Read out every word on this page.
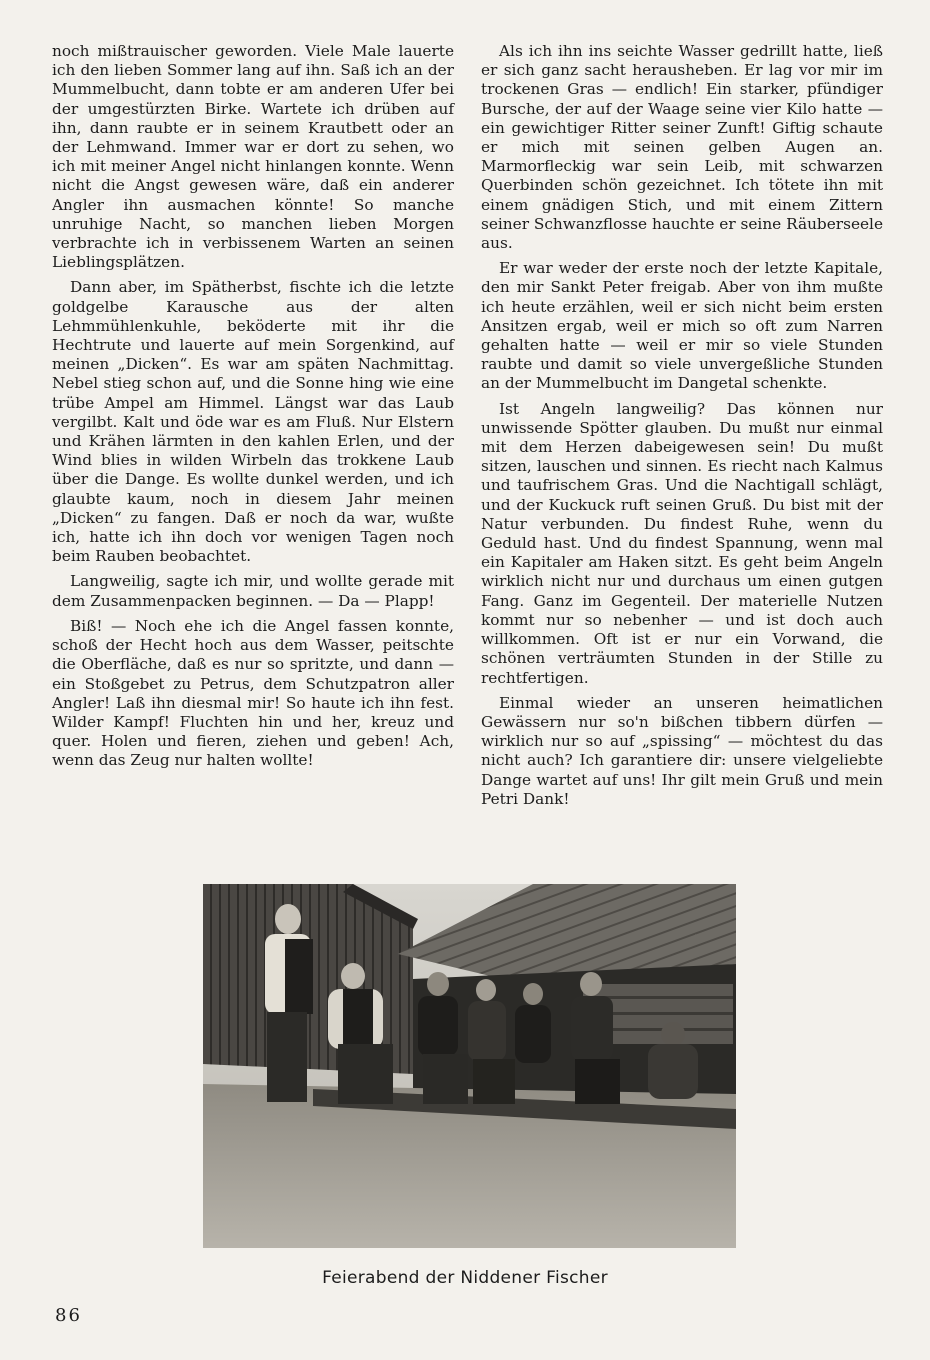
noch mißtrauischer geworden. Viele Male lauerte ich den lieben Sommer lang auf ihn. Saß ich an der Mummelbucht, dann tobte er am anderen Ufer bei der umgestürzten Birke. Wartete ich drüben auf ihn, dann raubte er in seinem Krautbett oder an der Lehmwand. Immer war er dort zu sehen, wo ich mit meiner Angel nicht hinlangen konnte. Wenn nicht die Angst gewesen wäre, daß ein anderer Angler ihn ausmachen könnte! So manche unruhige Nacht, so manchen lieben Morgen verbrachte ich in verbissenem Warten an seinen Lieblingsplätzen.

Dann aber, im Spätherbst, fischte ich die letzte goldgelbe Karausche aus der alten Lehmmühlenkuhle, beköderte mit ihr die Hechtrute und lauerte auf mein Sorgenkind, auf meinen „Dicken“. Es war am späten Nachmittag. Nebel stieg schon auf, und die Sonne hing wie eine trübe Ampel am Himmel. Längst war das Laub vergilbt. Kalt und öde war es am Fluß. Nur Elstern und Krähen lärmten in den kahlen Erlen, und der Wind blies in wilden Wirbeln das trokkene Laub über die Dange. Es wollte dunkel werden, und ich glaubte kaum, noch in diesem Jahr meinen „Dicken“ zu fangen. Daß er noch da war, wußte ich, hatte ich ihn doch vor wenigen Tagen noch beim Rauben beobachtet.

Langweilig, sagte ich mir, und wollte gerade mit dem Zusammenpacken beginnen. — Da — Plapp!

Biß! — Noch ehe ich die Angel fassen konnte, schoß der Hecht hoch aus dem Wasser, peitschte die Oberfläche, daß es nur so spritzte, und dann — ein Stoßgebet zu Petrus, dem Schutzpatron aller Angler! Laß ihn diesmal mir! So haute ich ihn fest. Wilder Kampf! Fluchten hin und her, kreuz und quer. Holen und fieren, ziehen und geben! Ach, wenn das Zeug nur halten wollte!

Als ich ihn ins seichte Wasser gedrillt hatte, ließ er sich ganz sacht herausheben. Er lag vor mir im trockenen Gras — endlich! Ein starker, pfündiger Bursche, der auf der Waage seine vier Kilo hatte — ein gewichtiger Ritter seiner Zunft! Giftig schaute er mich mit seinen gelben Augen an. Marmorfleckig war sein Leib, mit schwarzen Querbinden schön gezeichnet. Ich tötete ihn mit einem gnädigen Stich, und mit einem Zittern seiner Schwanzflosse hauchte er seine Räuberseele aus.

Er war weder der erste noch der letzte Kapitale, den mir Sankt Peter freigab. Aber von ihm mußte ich heute erzählen, weil er sich nicht beim ersten Ansitzen ergab, weil er mich so oft zum Narren gehalten hatte — weil er mir so viele Stunden raubte und damit so viele unvergeßliche Stunden an der Mummelbucht im Dangetal schenkte.

Ist Angeln langweilig? Das können nur unwissende Spötter glauben. Du mußt nur einmal mit dem Herzen dabeigewesen sein! Du mußt sitzen, lauschen und sinnen. Es riecht nach Kalmus und taufrischem Gras. Und die Nachtigall schlägt, und der Kuckuck ruft seinen Gruß. Du bist mit der Natur verbunden. Du findest Ruhe, wenn du Geduld hast. Und du findest Spannung, wenn mal ein Kapitaler am Haken sitzt. Es geht beim Angeln wirklich nicht nur und durchaus um einen gutgen Fang. Ganz im Gegenteil. Der materielle Nutzen kommt nur so nebenher — und ist doch auch willkommen. Oft ist er nur ein Vorwand, die schönen verträumten Stunden in der Stille zu rechtfertigen.

Einmal wieder an unseren heimatlichen Gewässern nur so'n bißchen tibbern dürfen — wirklich nur so auf „spissing“ — möchtest du das nicht auch? Ich garantiere dir: unsere vielgeliebte Dange wartet auf uns! Ihr gilt mein Gruß und mein Petri Dank!

Feierabend der Niddener Fischer
86
